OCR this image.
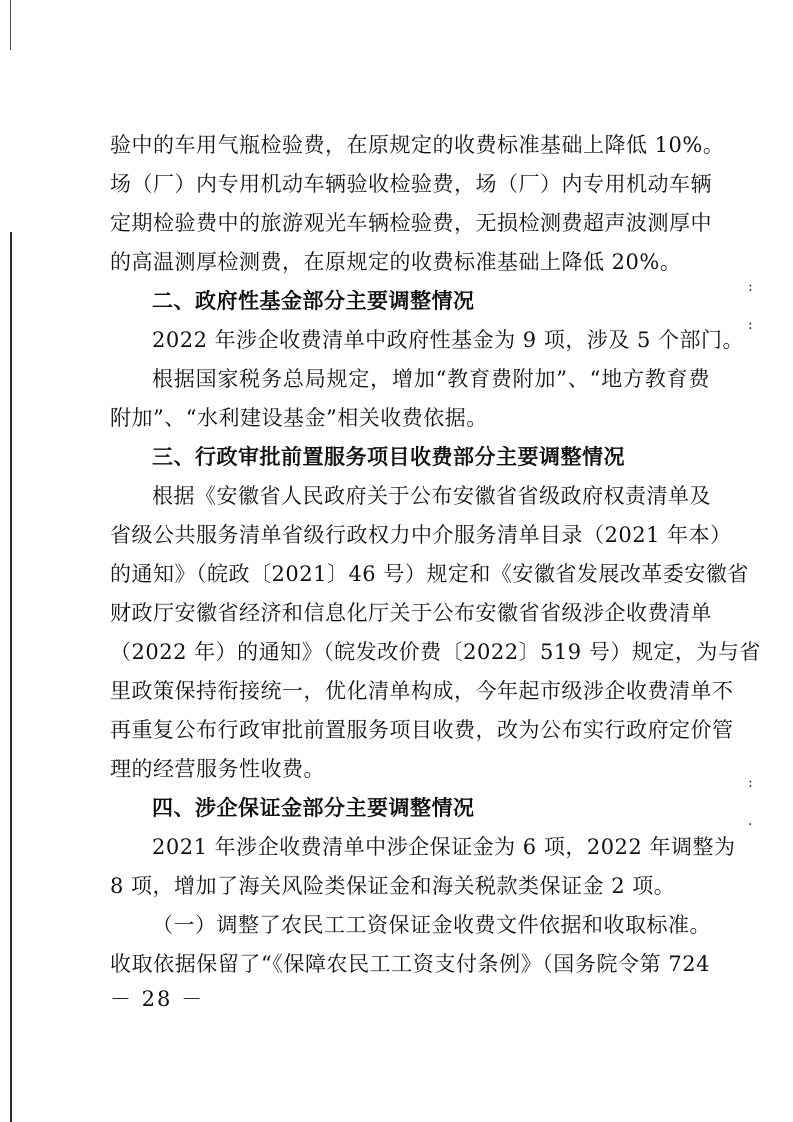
:
:
:
·
验中的车用气瓶检验费，在原规定的收费标准基础上降低 10%。
场（厂）内专用机动车辆验收检验费，场（厂）内专用机动车辆
定期检验费中的旅游观光车辆检验费，无损检测费超声波测厚中
的高温测厚检测费，在原规定的收费标准基础上降低 20%。
二、政府性基金部分主要调整情况
2022 年涉企收费清单中政府性基金为 9 项，涉及 5 个部门。
根据国家税务总局规定，增加“教育费附加”、“地方教育费
附加”、“水利建设基金”相关收费依据。
三、行政审批前置服务项目收费部分主要调整情况
根据《安徽省人民政府关于公布安徽省省级政府权责清单及
省级公共服务清单省级行政权力中介服务清单目录（2021 年本）
的通知》（皖政〔2021〕46 号）规定和《安徽省发展改革委安徽省
财政厅安徽省经济和信息化厅关于公布安徽省省级涉企收费清单
（2022 年）的通知》（皖发改价费〔2022〕519 号）规定，为与省
里政策保持衔接统一，优化清单构成，今年起市级涉企收费清单不
再重复公布行政审批前置服务项目收费，改为公布实行政府定价管
理的经营服务性收费。
四、涉企保证金部分主要调整情况
2021 年涉企收费清单中涉企保证金为 6 项，2022 年调整为
8 项，增加了海关风险类保证金和海关税款类保证金 2 项。
（一）调整了农民工工资保证金收费文件依据和收取标准。
收取依据保留了“《保障农民工工资支付条例》（国务院令第 724
－ 28 －
